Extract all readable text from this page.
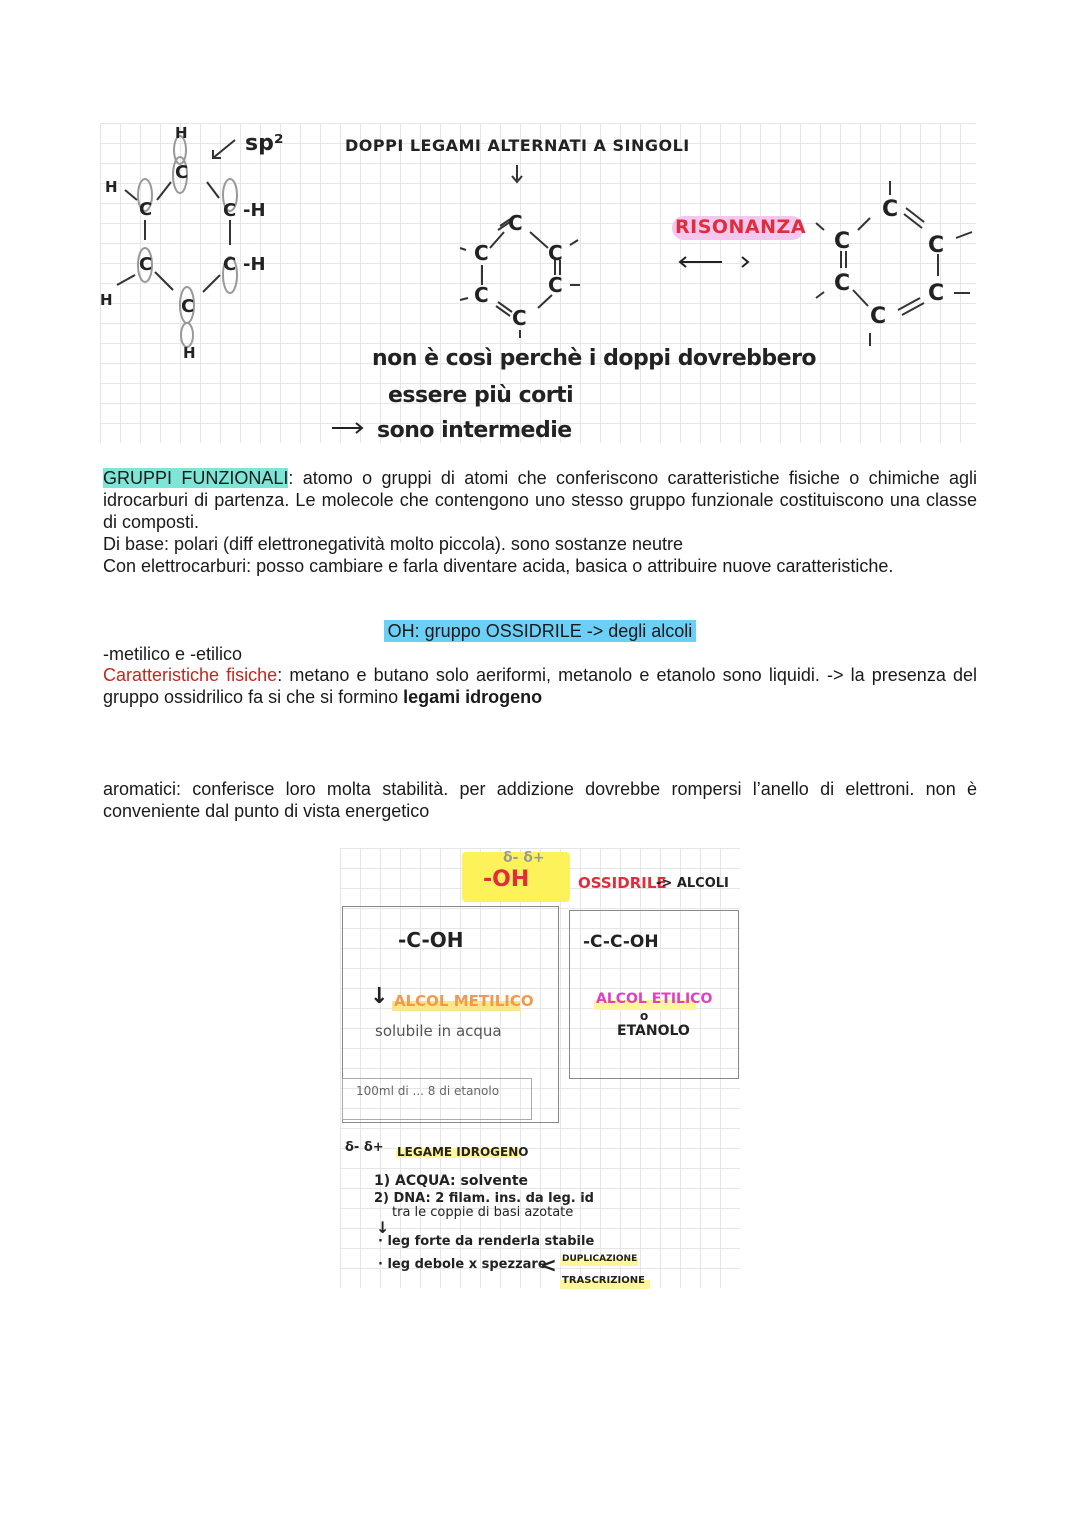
sp²
H
C
H
C	C -H
C	C -H
H	C
H
DOPPI LEGAMI ALTERNATI A SINGOLI
C
C	C
C	C
C
RISONANZA
C
C	C
C	C
C
non è così perchè i doppi dovrebbero
essere più corti
sono intermedie

GRUPPI FUNZIONALI: atomo o gruppi di atomi che conferiscono caratteristiche fisiche o chimiche agli idrocarburi di partenza. Le molecole che contengono uno stesso gruppo funzionale costituiscono una classe di composti.

Di base: polari (diff elettronegatività molto piccola). sono sostanze neutre

Con elettrocarburi: posso cambiare e farla diventare acida, basica o attribuire nuove caratteristiche.

OH: gruppo OSSIDRILE -> degli alcoli

-metilico e -etilico

Caratteristiche fisiche: metano e butano solo aeriformi, metanolo e etanolo sono liquidi. -> la presenza del gruppo ossidrilico fa si che si formino legami idrogeno

aromatici: conferisce loro molta stabilità. per addizione dovrebbe rompersi l’anello di elettroni. non è conveniente dal punto di vista energetico

δ- δ+
-OH	OSSIDRILE
-> ALCOLI
-C-OH
↓ ALCOL METILICO
solubile in acqua
100ml di ... 8 di etanolo
-C-C-OH
ALCOL ETILICO
o
ETANOLO
δ- δ+ LEGAME IDROGENO
1) ACQUA: solvente
2) DNA: 2 filam. ins. da leg. id
tra le coppie di basi azotate
↓
· leg forte da renderla stabile
· leg debole x spezzare
< DUPLICAZIONE
TRASCRIZIONE
